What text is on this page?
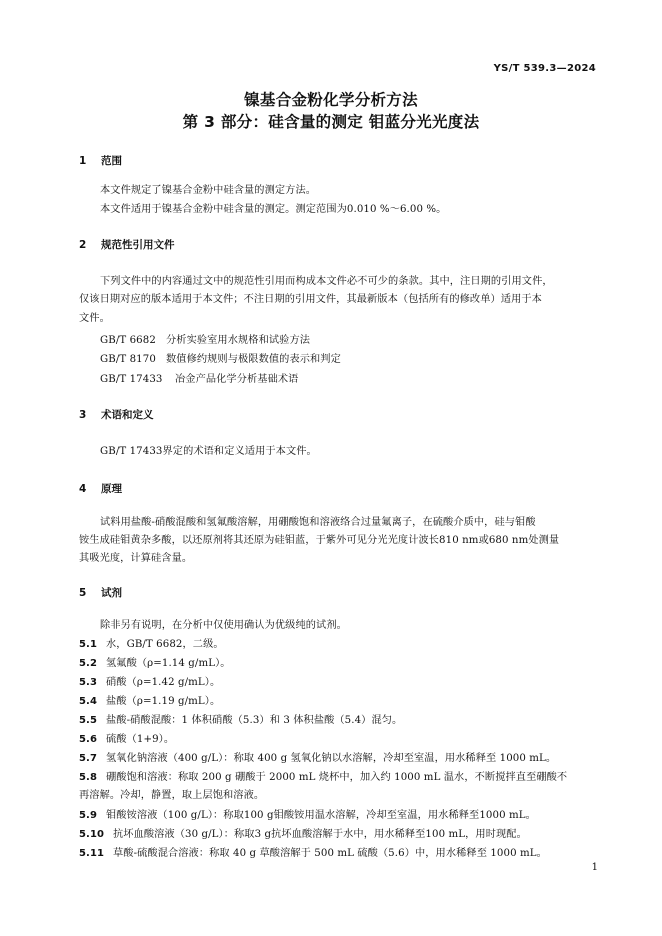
YS/T 539.3—2024
镍基合金粉化学分析方法
第 3 部分：硅含量的测定 钼蓝分光光度法
1 范围
本文件规定了镍基合金粉中硅含量的测定方法。
本文件适用于镍基合金粉中硅含量的测定。测定范围为0.010 %～6.00 %。
2 规范性引用文件
下列文件中的内容通过文中的规范性引用而构成本文件必不可少的条款。其中，注日期的引用文件，
仅该日期对应的版本适用于本文件；不注日期的引用文件，其最新版本（包括所有的修改单）适用于本
文件。
GB/T 6682 分析实验室用水规格和试验方法
GB/T 8170 数值修约规则与极限数值的表示和判定
GB/T 17433 冶金产品化学分析基础术语
3 术语和定义
GB/T 17433界定的术语和定义适用于本文件。
4 原理
试料用盐酸-硝酸混酸和氢氟酸溶解，用硼酸饱和溶液络合过量氟离子，在硫酸介质中，硅与钼酸
铵生成硅钼黄杂多酸，以还原剂将其还原为硅钼蓝，于紫外可见分光光度计波长810 nm或680 nm处测量
其吸光度，计算硅含量。
5 试剂
除非另有说明，在分析中仅使用确认为优级纯的试剂。
5.1 水，GB/T 6682，二级。
5.2 氢氟酸（ρ=1.14 g/mL）。
5.3 硝酸（ρ=1.42 g/mL）。
5.4 盐酸（ρ=1.19 g/mL）。
5.5 盐酸-硝酸混酸：1 体积硝酸（5.3）和 3 体积盐酸（5.4）混匀。
5.6 硫酸（1+9）。
5.7 氢氧化钠溶液（400 g/L）：称取 400 g 氢氧化钠以水溶解，冷却至室温，用水稀释至 1000 mL。
5.8 硼酸饱和溶液：称取 200 g 硼酸于 2000 mL 烧杯中，加入约 1000 mL 温水，不断搅拌直至硼酸不
再溶解。冷却，静置，取上层饱和溶液。
5.9 钼酸铵溶液（100 g/L）：称取100 g钼酸铵用温水溶解，冷却至室温，用水稀释至1000 mL。
5.10 抗坏血酸溶液（30 g/L）：称取3 g抗坏血酸溶解于水中，用水稀释至100 mL，用时现配。
5.11 草酸-硫酸混合溶液：称取 40 g 草酸溶解于 500 mL 硫酸（5.6）中，用水稀释至 1000 mL。
1
